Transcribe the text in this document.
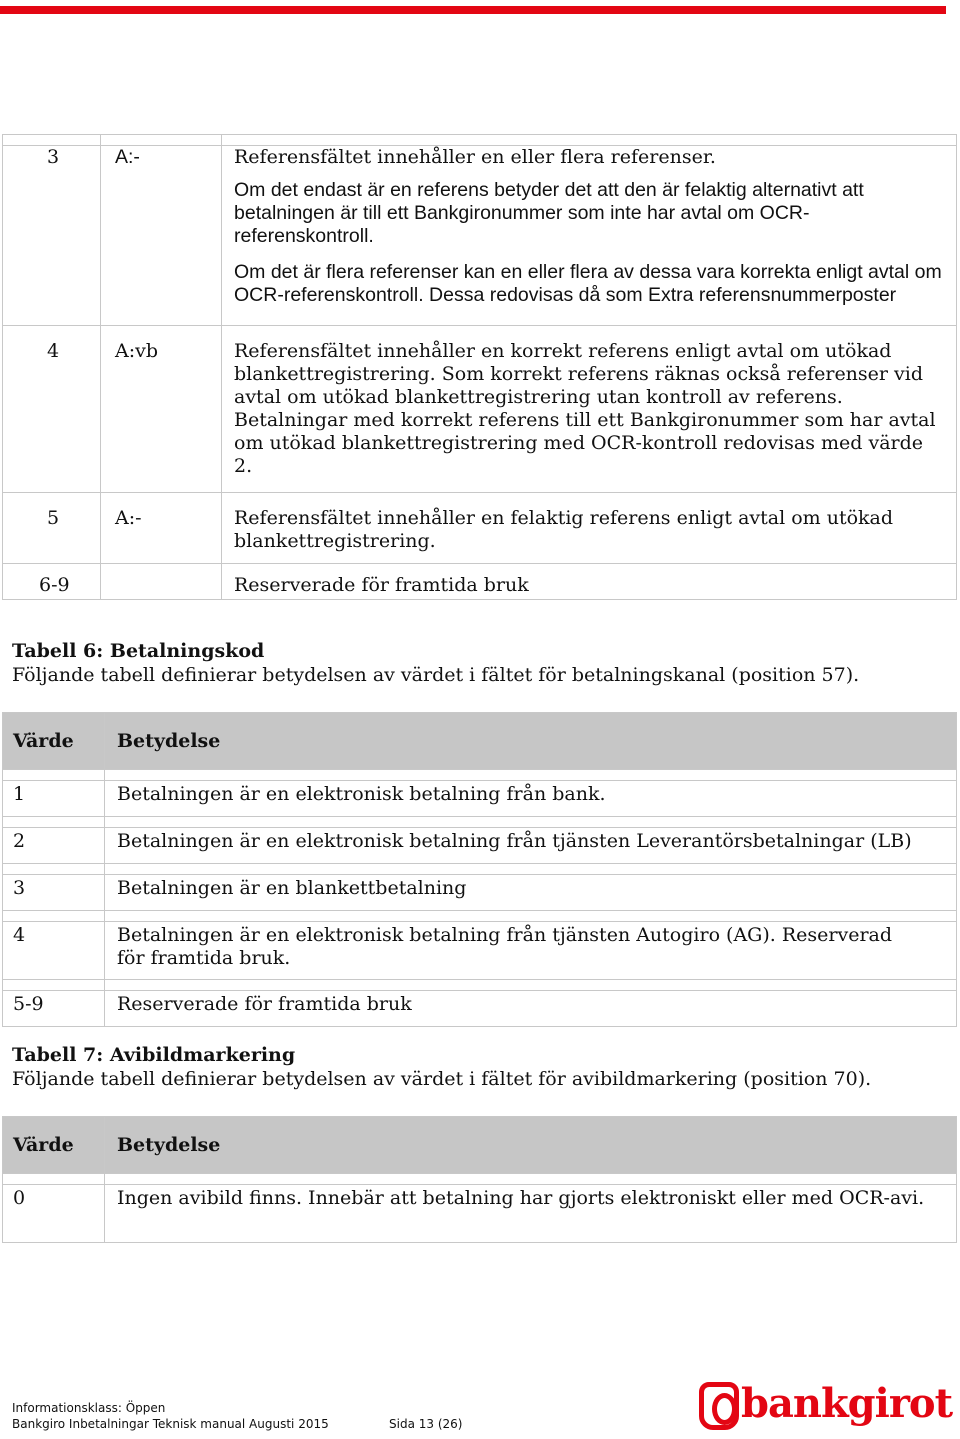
3	A:-	Referensfältet innehåller en eller flera referenser.

Om det endast är en referens betyder det att den är felaktig alternativt att betalningen är till ett Bankgironummer som inte har avtal om OCR-referenskontroll.

Om det är flera referenser kan en eller flera av dessa vara korrekta enligt avtal om OCR-referenskontroll. Dessa redovisas då som Extra referensnummerposter

4	A:vb	Referensfältet innehåller en korrekt referens enligt avtal om utökad blankettregistrering. Som korrekt referens räknas också referenser vid avtal om utökad blankettregistrering utan kontroll av referens. Betalningar med korrekt referens till ett Bankgironummer som har avtal om utökad blankettregistrering med OCR-kontroll redovisas med värde 2.

5	A:-	Referensfältet innehåller en felaktig referens enligt avtal om utökad blankettregistrering.

6-9		Reserverade för framtida bruk

Tabell 6: Betalningskod
Följande tabell definierar betydelsen av värdet i fältet för betalningskanal (position 57).
Värde	Betydelse

1	Betalningen är en elektronisk betalning från bank.

2	Betalningen är en elektronisk betalning från tjänsten Leverantörsbetalningar (LB)

3	Betalningen är en blankettbetalning

4	Betalningen är en elektronisk betalning från tjänsten Autogiro (AG). Reserverad för framtida bruk.

5-9	Reserverade för framtida bruk
Tabell 7: Avibildmarkering
Följande tabell definierar betydelsen av värdet i fältet för avibildmarkering (position 70).
Värde	Betydelse

0	Ingen avibild finns. Innebär att betalning har gjorts elektroniskt eller med OCR-avi.
Informationsklass: Öppen
Bankgiro Inbetalningar Teknisk manual Augusti 2015	Sida 13 (26)	bankgirot
